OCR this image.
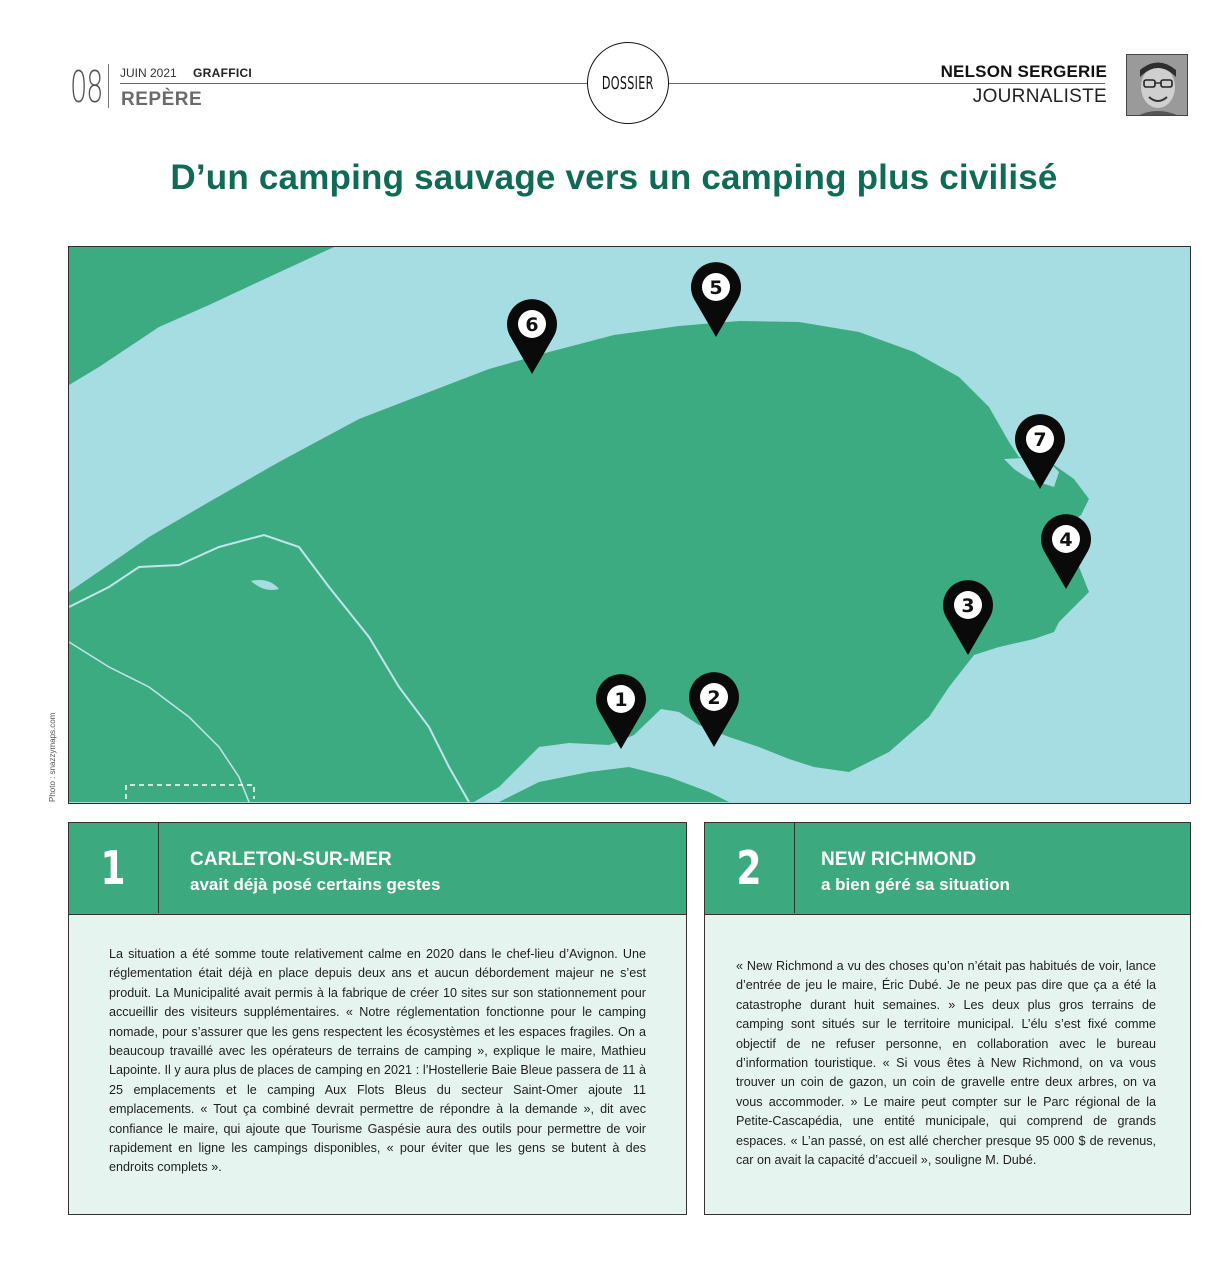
08 JUIN 2021 GRAFFICI
REPÈRE
DOSSIER
NELSON SERGERIE
JOURNALISTE
D’un camping sauvage vers un camping plus civilisé
1	2
3
4
5
6
7
Photo : snazzymaps.com
1	CARLETON-SUR-MER
avait déjà posé certains gestes

La situation a été somme toute relativement calme en 2020 dans le chef-lieu d’Avignon. Une réglementation était déjà en place depuis deux ans et aucun débordement majeur ne s’est produit. La Municipalité avait permis à la fabrique de créer 10 sites sur son stationnement pour accueillir des visiteurs supplémentaires. « Notre réglementation fonctionne pour le camping nomade, pour s’assurer que les gens respectent les écosystèmes et les espaces fragiles. On a beaucoup travaillé avec les opérateurs de terrains de camping », explique le maire, Mathieu Lapointe. Il y aura plus de places de camping en 2021 : l’Hostellerie Baie Bleue passera de 11 à 25 emplacements et le camping Aux Flots Bleus du secteur Saint-Omer ajoute 11 emplacements. « Tout ça combiné devrait permettre de répondre à la demande », dit avec confiance le maire, qui ajoute que Tourisme Gaspésie aura des outils pour permettre de voir rapidement en ligne les campings disponibles, « pour éviter que les gens se butent à des endroits complets ».

2	NEW RICHMOND
a bien géré sa situation

« New Richmond a vu des choses qu’on n’était pas habitués de voir, lance d’entrée de jeu le maire, Éric Dubé. Je ne peux pas dire que ça a été la catastrophe durant huit semaines. » Les deux plus gros terrains de camping sont situés sur le territoire municipal. L’élu s’est fixé comme objectif de ne refuser personne, en collaboration avec le bureau d’information touristique. « Si vous êtes à New Richmond, on va vous trouver un coin de gazon, un coin de gravelle entre deux arbres, on va vous accommoder. » Le maire peut compter sur le Parc régional de la Petite-Cascapédia, une entité municipale, qui comprend de grands espaces. « L’an passé, on est allé chercher presque 95 000 $ de revenus, car on avait la capacité d’accueil », souligne M. Dubé.
